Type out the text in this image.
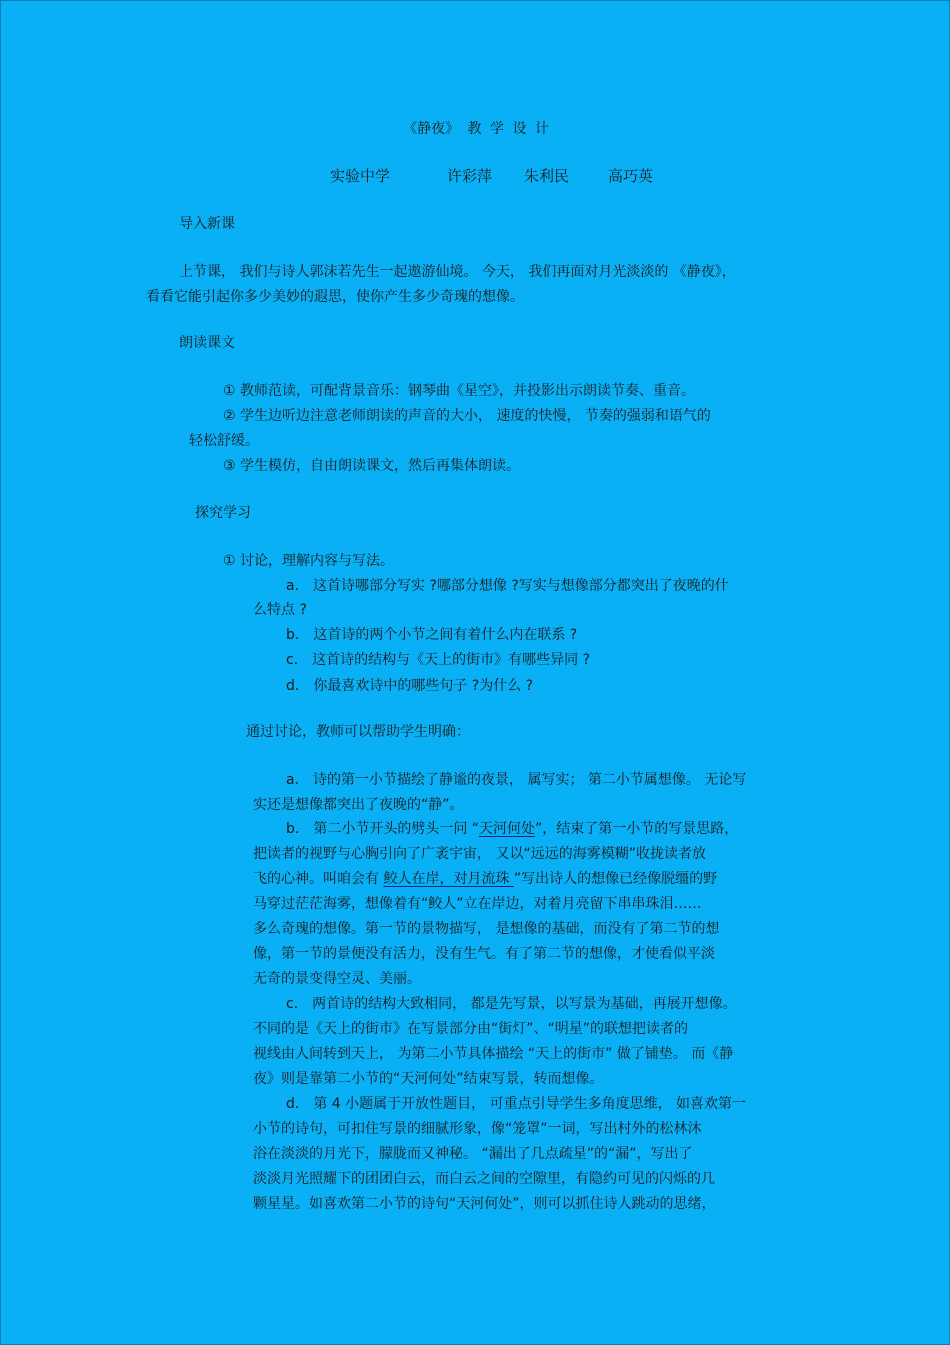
《静夜》 教 学 设 计
实验中学	许彩萍 朱利民	高巧英
导入新课
上节课， 我们与诗人郭沫若先生一起遨游仙境。 今天， 我们再面对月光淡淡的 《静夜》，
看看它能引起你多少美妙的遐思，使你产生多少奇瑰的想像。
朗读课文
① 教师范读，可配背景音乐：钢琴曲《星空》，并投影出示朗读节奏、重音。
② 学生边听边注意老师朗读的声音的大小， 速度的快慢， 节奏的强弱和语气的
轻松舒缓。
③ 学生模仿，自由朗读课文，然后再集体朗读。
探究学习
① 讨论，理解内容与写法。
a． 这首诗哪部分写实 ?哪部分想像 ?写实与想像部分都突出了夜晚的什
么特点 ?
b． 这首诗的两个小节之间有着什么内在联系 ?
c． 这首诗的结构与《天上的街市》有哪些异同 ?
d． 你最喜欢诗中的哪些句子 ?为什么 ?
通过讨论，教师可以帮助学生明确：
a． 诗的第一小节描绘了静谧的夜景， 属写实； 第二小节属想像。 无论写
实还是想像都突出了夜晚的“静”。
b． 第二小节开头的劈头一问 “天河何处”，结束了第一小节的写景思路，
把读者的视野与心胸引向了广袤宇宙， 又以“远远的海雾模糊”收拢读者放
飞的心神。叫咱会有 鲛人在岸，对月流珠 ”写出诗人的想像已经像脱缰的野
马穿过茫茫海雾，想像着有“鲛人”立在岸边，对着月亮留下串串珠泪……
多么奇瑰的想像。第一节的景物描写， 是想像的基础，而没有了第二节的想
像，第一节的景便没有活力，没有生气。有了第二节的想像，才使看似平淡
无奇的景变得空灵、美丽。
c． 两首诗的结构大致相同， 都是先写景，以写景为基础，再展开想像。
不同的是《天上的街市》在写景部分由“街灯”、“明星”的联想把读者的
视线由人间转到天上， 为第二小节具体描绘 “天上的街市” 做了铺垫。 而《静
夜》则是靠第二小节的“天河何处”结束写景，转而想像。
d． 第 4 小题属于开放性题目， 可重点引导学生多角度思维， 如喜欢第一
小节的诗句，可扣住写景的细腻形象，像“笼罩”一词，写出村外的松林沐
浴在淡淡的月光下，朦胧而又神秘。 “漏出了几点疏星”的“漏”，写出了
淡淡月光照耀下的团团白云，而白云之间的空隙里，有隐约可见的闪烁的几
颗星星。如喜欢第二小节的诗句“天河何处”，则可以抓住诗人跳动的思绪，
